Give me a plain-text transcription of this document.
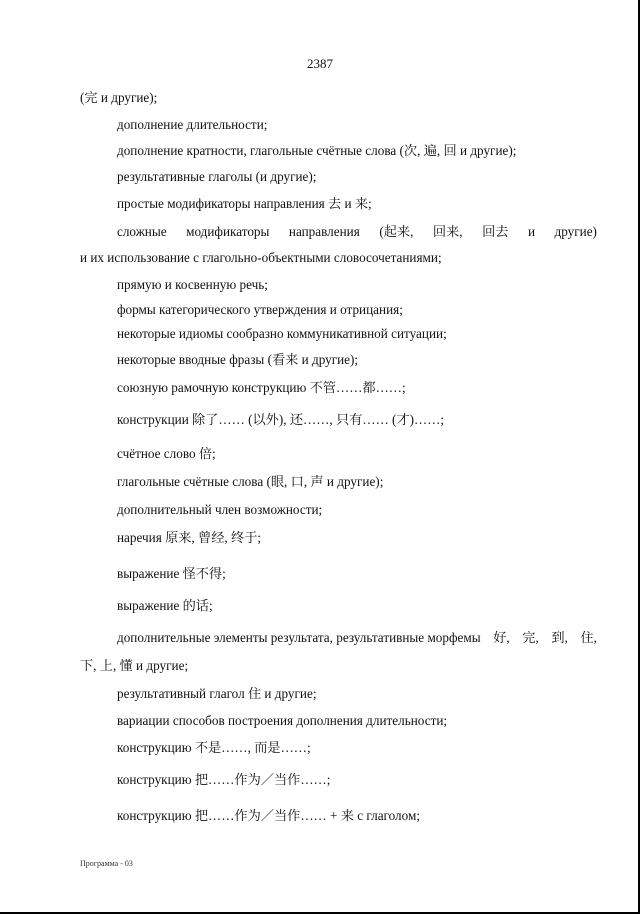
2387
(完 и другие);
дополнение длительности;
дополнение кратности, глагольные счётные слова (次, 遍, 回 и другие);
результативные глаголы (и другие);
простые модификаторы направления 去 и 来;
сложные модификаторы направления (起来, 回来, 回去 и другие)
и их использование с глагольно-объектными словосочетаниями;
прямую и косвенную речь;
формы категорического утверждения и отрицания;
некоторые идиомы сообразно коммуникативной ситуации;
некоторые вводные фразы (看来 и другие);
союзную рамочную конструкцию 不管……都……;
конструкции 除了…… (以外), 还……, 只有…… (才)……;
счётное слово 倍;
глагольные счётные слова (眼, 口, 声 и другие);
дополнительный член возможности;
наречия 原来, 曾经, 终于;
выражение 怪不得;
выражение 的话;
дополнительные элементы результата, результативные морфемы 好, 完, 到, 住,
下, 上, 懂 и другие;
результативный глагол 住 и другие;
вариации способов построения дополнения длительности;
конструкцию 不是……, 而是……;
конструкцию 把……作为／当作……;
конструкцию 把……作为／当作…… + 来 с глаголом;
Программа - 03
